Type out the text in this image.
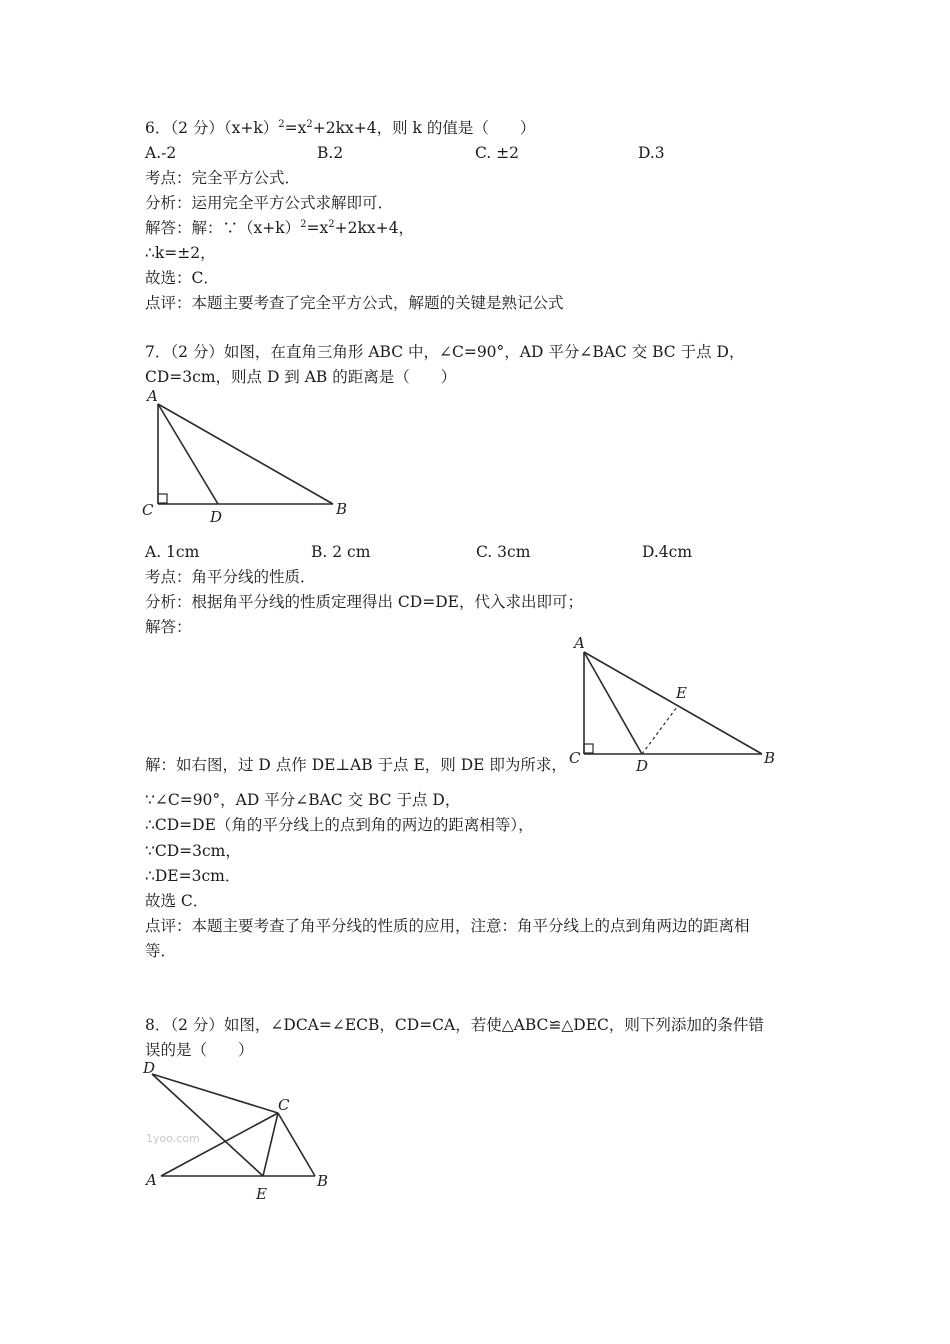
6．（2 分）$(x+k)^2=x^2+2kx+4$，则 k 的值是（　　）
A.-2	B.2	C. ±2	D.3
考点：完全平方公式．
分析：运用完全平方公式求解即可．
解答：解：$\because(x+k)^2=x^2+2kx+4$，
∴k=±2，
故选：C．
点评：本题主要考查了完全平方公式，解题的关键是熟记公式
7．（2 分）如图，在直角三角形 ABC 中，∠C=90°，AD 平分∠BAC 交 BC 于点 D，
CD=3cm，则点 D 到 AB 的距离是（　　）
A
C	D	B
A. 1cm	B. 2 cm	C. 3cm	D.4cm
考点：角平分线的性质．
分析：根据角平分线的性质定理得出 CD=DE，代入求出即可；
解答：
A
C	D	B
E
解：如右图，过 D 点作 DE⊥AB 于点 E，则 DE 即为所求，
∵∠C=90°，AD 平分∠BAC 交 BC 于点 D，
∴CD=DE（角的平分线上的点到角的两边的距离相等），
∵CD=3cm，
∴DE=3cm．
故选 C．
点评：本题主要考查了角平分线的性质的应用，注意：角平分线上的点到角两边的距离相
等．
8．（2 分）如图，∠DCA=∠ECB，CD=CA，若使△ABC≌△DEC，则下列添加的条件错
误的是（　　）
1yoo.com
D
C
A
E
B
